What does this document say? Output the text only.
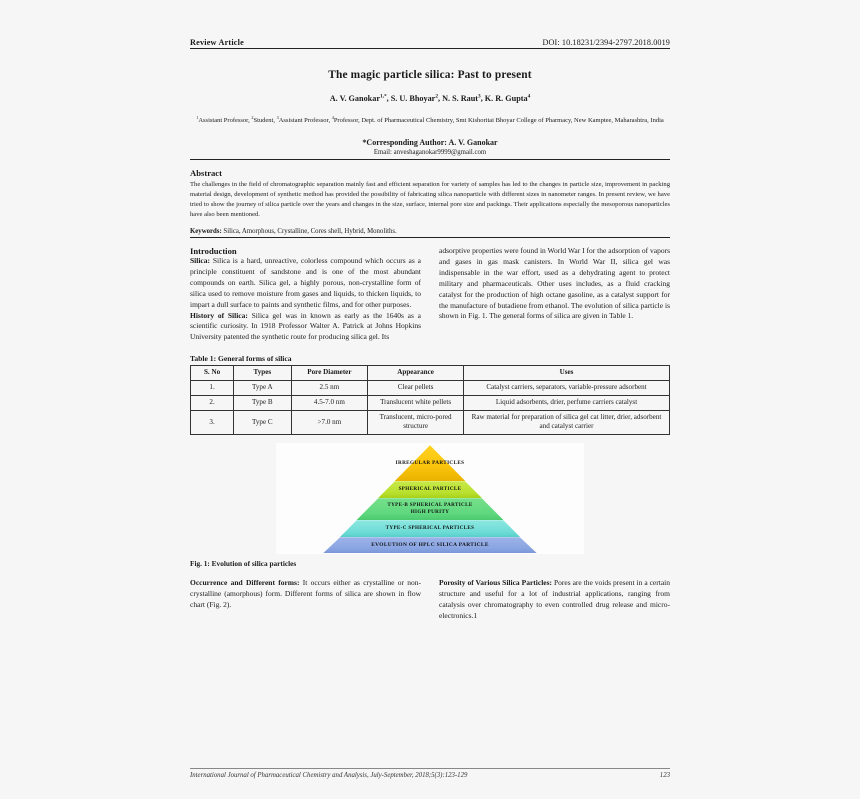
Review Article	DOI: 10.18231/2394-2797.2018.0019
The magic particle silica: Past to present
A. V. Ganokar$^{1,*}$, S. U. Bhoyar$^2$, N. S. Raut$^3$, K. R. Gupta$^4$
$^1$Assistant Professor, $^2$Student, $^3$Assistant Professor, $^4$Professor, Dept. of Pharmaceutical Chemistry, Smt Kishoritai Bhoyar College of Pharmacy, New Kamptee, Maharashtra, India
*Corresponding Author: A. V. Ganokar
Email: anveshaganokar9999@gmail.com
Abstract
The challenges in the field of chromatographic separation mainly fast and efficient separation for variety of samples has led to the changes in particle size, improvement in packing material design, development of synthetic method has provided the possibility of fabricating silica nanoparticle with different sizes in nanometer ranges. In present review, we have tried to show the journey of silica particle over the years and changes in the size, surface, internal pore size and packings. Their applications especially the mesoporous nanoparticles have also been mentioned.
Keywords: Silica, Amorphous, Crystalline, Cores shell, Hybrid, Monoliths.
Introduction

Silica: Silica is a hard, unreactive, colorless compound which occurs as a principle constituent of sandstone and is one of the most abundant compounds on earth. Silica gel, a highly porous, non-crystalline form of silica used to remove moisture from gases and liquids, to thicken liquids, to impart a dull surface to paints and synthetic films, and for other purposes.

History of Silica: Silica gel was in known as early as the 1640s as a scientific curiosity. In 1918 Professor Walter A. Patrick at Johns Hopkins University patented the synthetic route for producing silica gel. Its

adsorptive properties were found in World War I for the adsorption of vapors and gases in gas mask canisters. In World War II, silica gel was indispensable in the war effort, used as a dehydrating agent to protect military and pharmaceuticals. Other uses includes, as a fluid cracking catalyst for the production of high octane gasoline, as a catalyst support for the manufacture of butadiene from ethanol. The evolution of silica particle is shown in Fig. 1. The general forms of silica are given in Table 1.

Table 1: General forms of silica
S. No	Types	Pore Diameter	Appearance	Uses
1.	Type A	2.5 nm	Clear pellets	Catalyst carriers, separators, variable-pressure adsorbent
2.	Type B	4.5-7.0 nm	Translucent white pellets	Liquid adsorbents, drier, perfume carriers catalyst
3.	Type C	>7.0 nm	Translucent, micro-pored structure	Raw material for preparation of silica gel cat litter, drier, adsorbent and catalyst carrier
IRREGULAR PARTICLES
SPHERICAL PARTICLE
TYPE-B SPHERICAL PARTICLE
HIGH PURITY
TYPE-C SPHERICAL PARTICLES
EVOLUTION OF HPLC SILICA PARTICLE
Fig. 1: Evolution of silica particles

Occurrence and Different forms: It occurs either as crystalline or non-crystalline (amorphous) form. Different forms of silica are shown in flow chart (Fig. 2).

Porosity of Various Silica Particles: Pores are the voids present in a certain structure and useful for a lot of industrial applications, ranging from catalysis over chromatography to even controlled drug release and micro-electronics.1

International Journal of Pharmaceutical Chemistry and Analysis, July-September, 2018;5(3):123-129	123
